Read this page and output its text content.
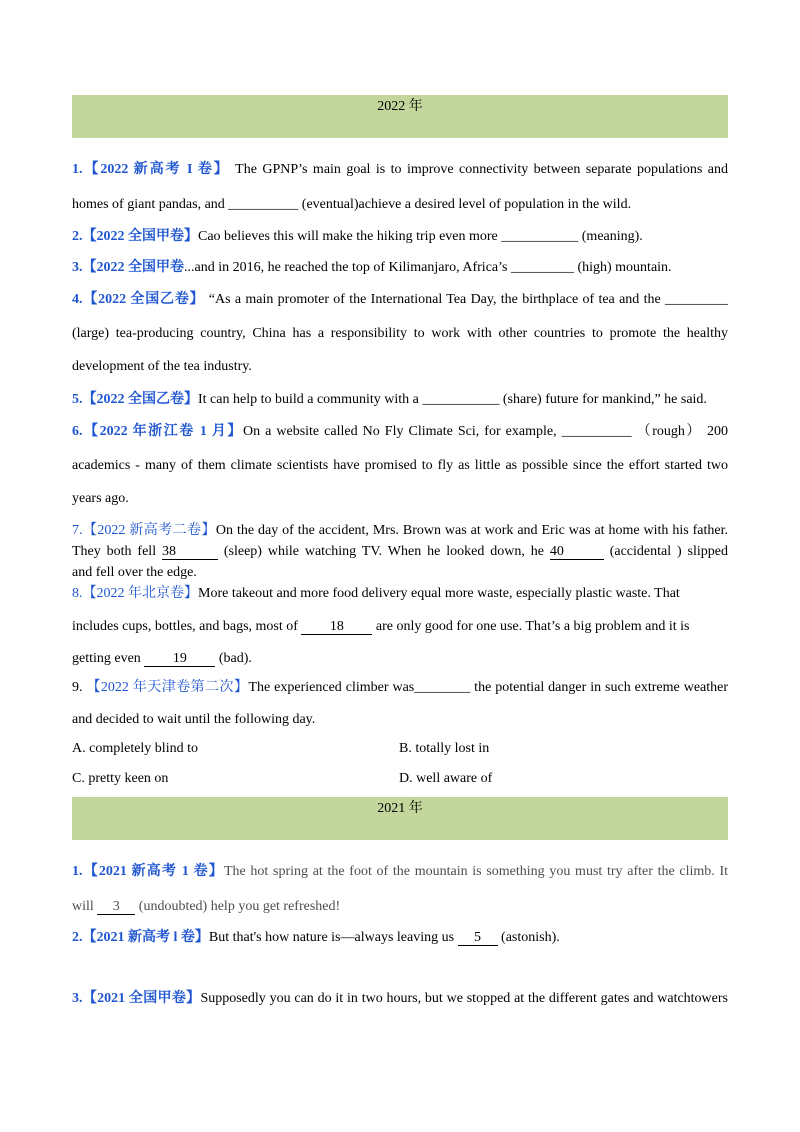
2022 年
1.【2022 新高考 I 卷】 The GPNP’s main goal is to improve connectivity between separate populations and
homes of giant pandas, and __________ (eventual)achieve a desired level of population in the wild.
2.【2022 全国甲卷】Cao believes this will make the hiking trip even more ___________ (meaning).
3.【2022 全国甲卷...and in 2016, he reached the top of Kilimanjaro, Africa’s _________ (high) mountain.
4.【2022 全国乙卷】 “As a main promoter of the International Tea Day, the birthplace of tea and the _________
(large) tea-producing country, China has a responsibility to work with other countries to promote the healthy
development of the tea industry.
5.【2022 全国乙卷】It can help to build a community with a ___________ (share) future for mankind,” he said.
6.【2022 年浙江卷 1 月】On a website called No Fly Climate Sci, for example, __________ （rough） 200
academics - many of them climate scientists have promised to fly as little as possible since the effort started two
years ago.
7.【2022 新高考二卷】On the day of the accident, Mrs. Brown was at work and Eric was at home with his father.
They both fell 38	(sleep) while watching TV. When he looked down, he 40	(accidental ) slipped
and fell over the edge.
8.【2022 年北京卷】More takeout and more food delivery equal more waste, especially plastic waste. That
includes cups, bottles, and bags, most of 18 are only good for one use. That’s a big problem and it is
getting even 19 (bad).
9. 【2022 年天津卷第二次】The experienced climber was________ the potential danger in such extreme weather
and decided to wait until the following day.
A. completely blind to	B. totally lost in
C. pretty keen on	D. well aware of
2021 年
1.【2021 新高考 1 卷】The hot spring at the foot of the mountain is something you must try after the climb. It
will 3 (undoubted) help you get refreshed!
2.【2021 新高考 l 卷】But that's how nature is—always leaving us 5 (astonish).
3.【2021 全国甲卷】Supposedly you can do it in two hours, but we stopped at the different gates and watchtowers
